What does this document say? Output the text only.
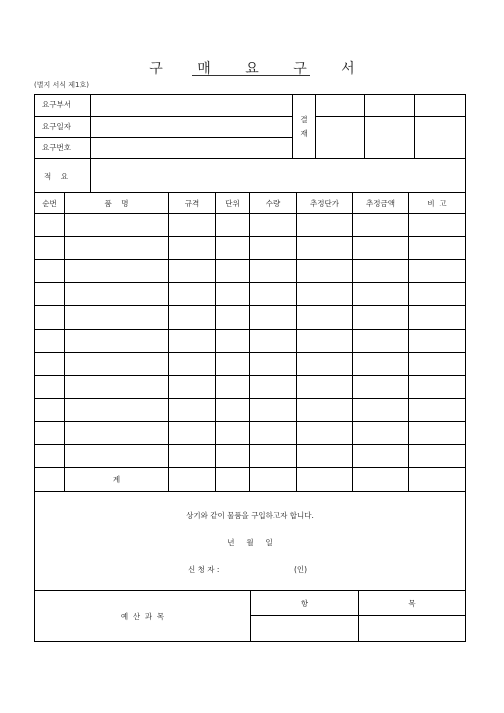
구 매 요 구 서
(별지 서식 제1호)
요구부서
요구일자
요구번호
결
재
적    요
순번	품    명	규격	단위	수량	추정단가	추정금액	비  고
계
상기와 같이 물품을 구입하고자 합니다.
년     월     일
신 청 자 :	(인)
예  산  과  목
항	목
